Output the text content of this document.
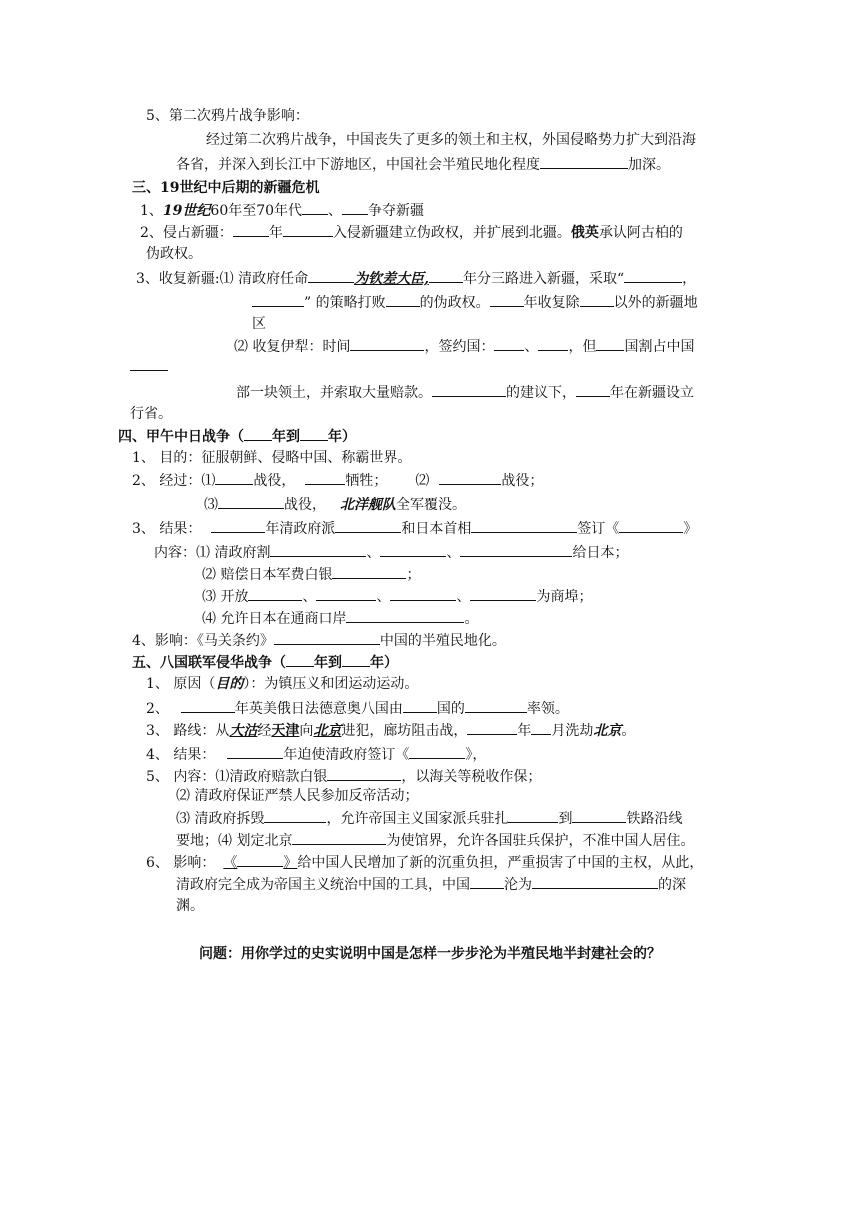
5、第二次鸦片战争影响：
经过第二次鸦片战争，中国丧失了更多的领土和主权，外国侵略势力扩大到沿海
各省，并深入到长江中下游地区，中国社会半殖民地化程度	加深。
三、19世纪中后期的新疆危机
1、19世纪60年至70年代 、 争夺新疆
2、侵占新疆：	年	入侵新疆建立伪政权，并扩展到北疆。俄英承认阿古柏的
伪政权。
3、收复新疆:⑴ 清政府任命	为钦差大臣, 年分三路进入新疆，采取“	，
” 的策略打败 的伪政权。 年收复除 以外的新疆地
区
⑵ 收复伊犁：时间	，签约国： 、 ，但 国割占中国
部一块领土，并索取大量赔款。	的建议下， 年在新疆设立
行省。
四、甲午中日战争（ 年到 年）
1、 目的：征服朝鲜、侵略中国、称霸世界。
2、 经过：⑴	战役，	牺牲； ⑵	战役；
⑶	战役， 北洋舰队全军覆没。
3、 结果：	年清政府派	和日本首相	签订《	》
内容：⑴ 清政府割	、	、	给日本；
⑵ 赔偿日本军费白银	；
⑶ 开放	、	、	、	为商埠；
⑷ 允许日本在通商口岸	。
4、影响：《马关条约》	中国的半殖民地化。
五、八国联军侵华战争（ 年到 年）
1、 原因（目的）：为镇压义和团运动运动。
2、	年英美俄日法德意奥八国由 国的	率领。
3、 路线：从大沽经天津向北京进犯，廊坊阻击战，	年 月洗劫北京。
4、 结果：	年迫使清政府签订《	》，
5、 内容：⑴清政府赔款白银	，以海关等税收作保；
⑵ 清政府保证严禁人民参加反帝活动；
⑶ 清政府拆毁	，允许帝国主义国家派兵驻扎	到	铁路沿线
要地；⑷ 划定北京	为使馆界，允许各国驻兵保护，不准中国人居住。
6、 影响： 《	》给中国人民增加了新的沉重负担，严重损害了中国的主权，从此，
清政府完全成为帝国主义统治中国的工具，中国 沦为	的深
渊。
问题：用你学过的史实说明中国是怎样一步步沦为半殖民地半封建社会的？
